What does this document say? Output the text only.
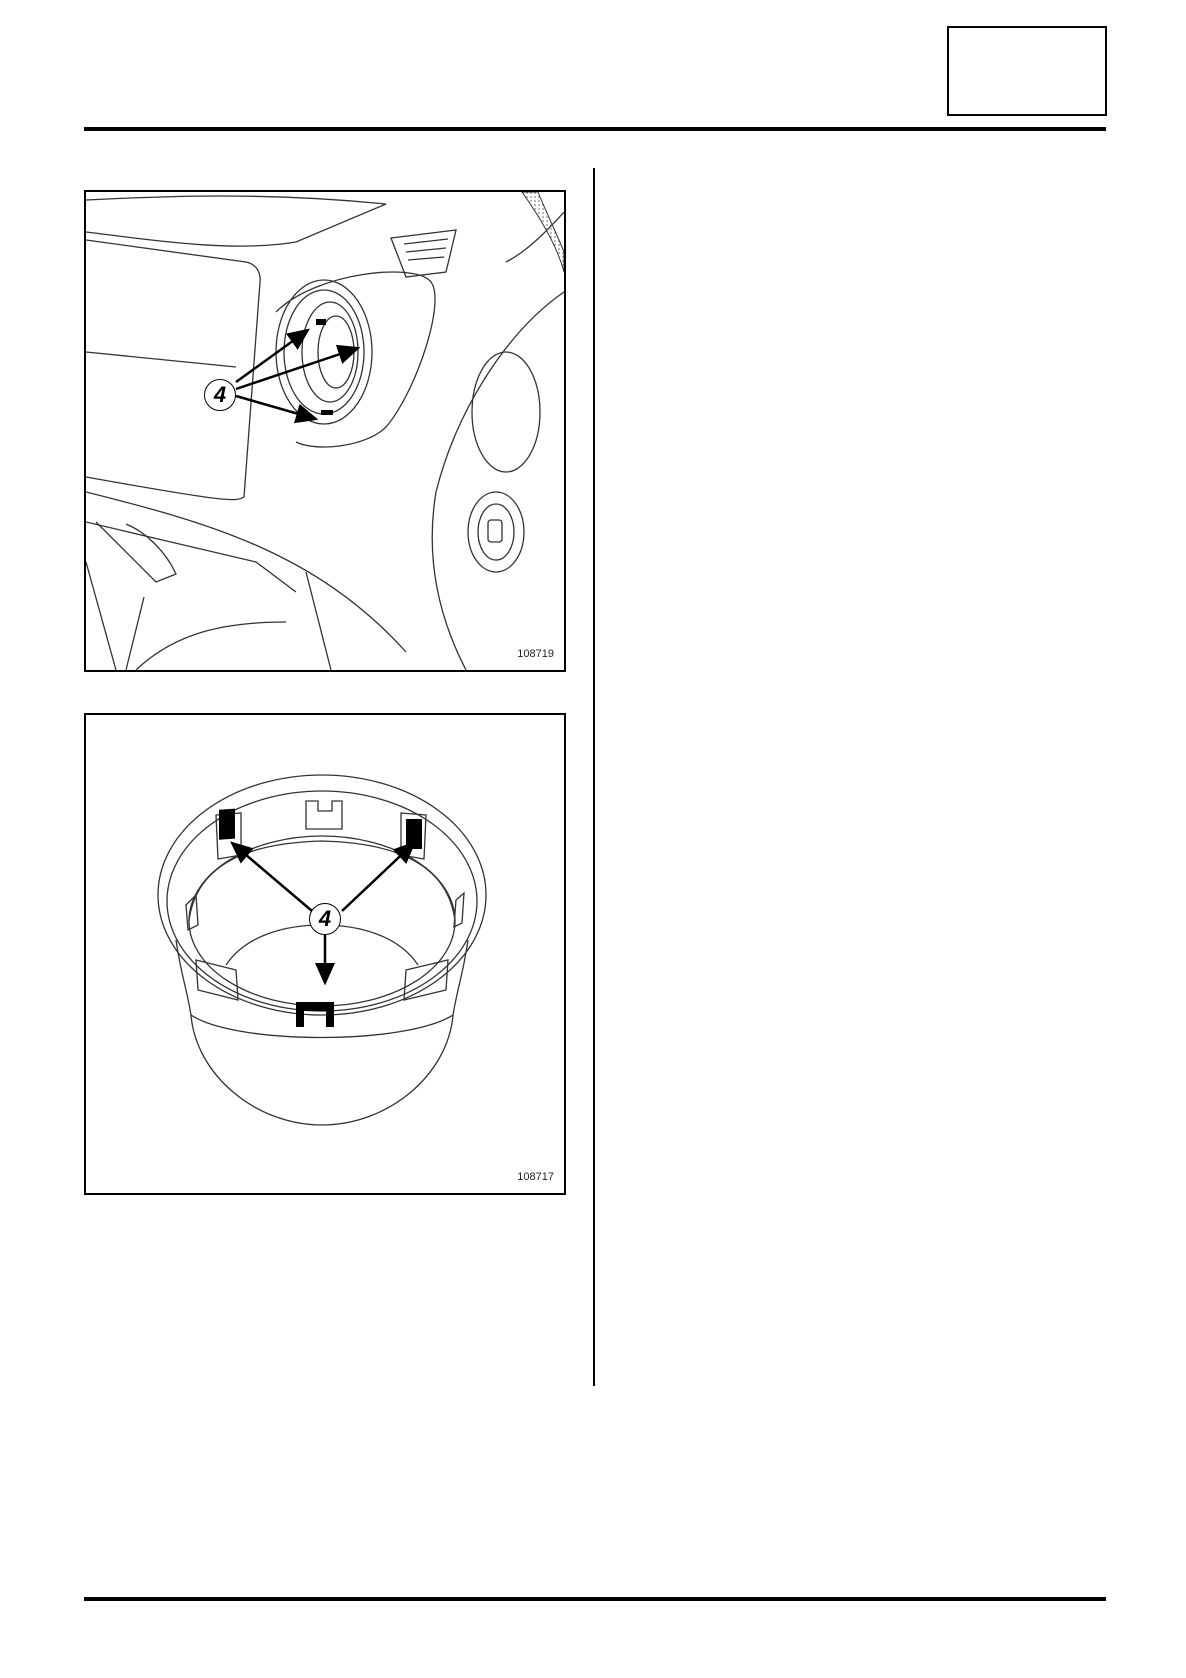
4
108719
4
108717
